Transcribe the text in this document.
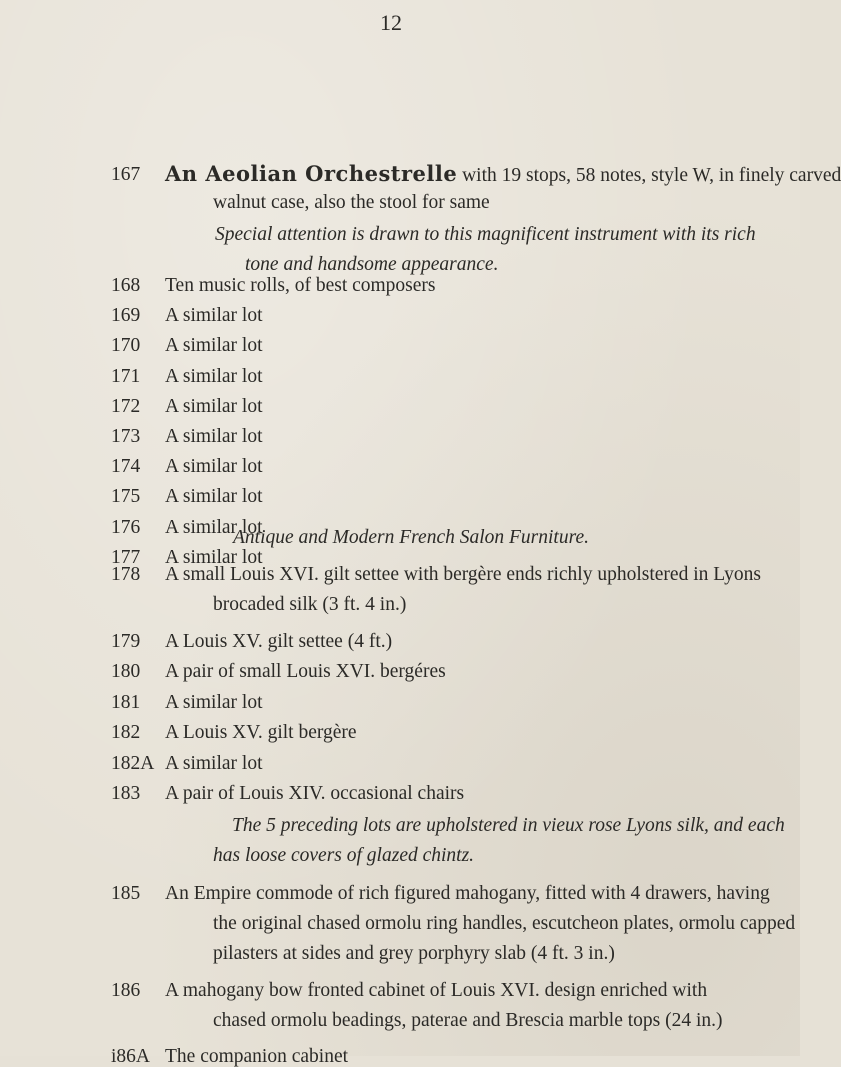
12
167 An Aeolian Orchestrelle with 19 stops, 58 notes, style W, in finely carved
walnut case, also the stool for same
Special attention is drawn to this magnificent instrument with its rich
tone and handsome appearance.
168 Ten music rolls, of best composers
169 A similar lot
170 A similar lot
171 A similar lot
172 A similar lot
173 A similar lot
174 A similar lot
175 A similar lot
176 A similar lot
177 A similar lot
Antique and Modern French Salon Furniture.
178 A small Louis XVI. gilt settee with bergère ends richly upholstered in Lyons
brocaded silk (3 ft. 4 in.)
179 A Louis XV. gilt settee (4 ft.)
180 A pair of small Louis XVI. bergéres
181 A similar lot
182 A Louis XV. gilt bergère
182A A similar lot
183 A pair of Louis XIV. occasional chairs
The 5 preceding lots are upholstered in vieux rose Lyons silk, and each
has loose covers of glazed chintz.
185 An Empire commode of rich figured mahogany, fitted with 4 drawers, having
the original chased ormolu ring handles, escutcheon plates, ormolu capped
pilasters at sides and grey porphyry slab (4 ft. 3 in.)
186 A mahogany bow fronted cabinet of Louis XVI. design enriched with
chased ormolu beadings, paterae and Brescia marble tops (24 in.)
i86A The companion cabinet
